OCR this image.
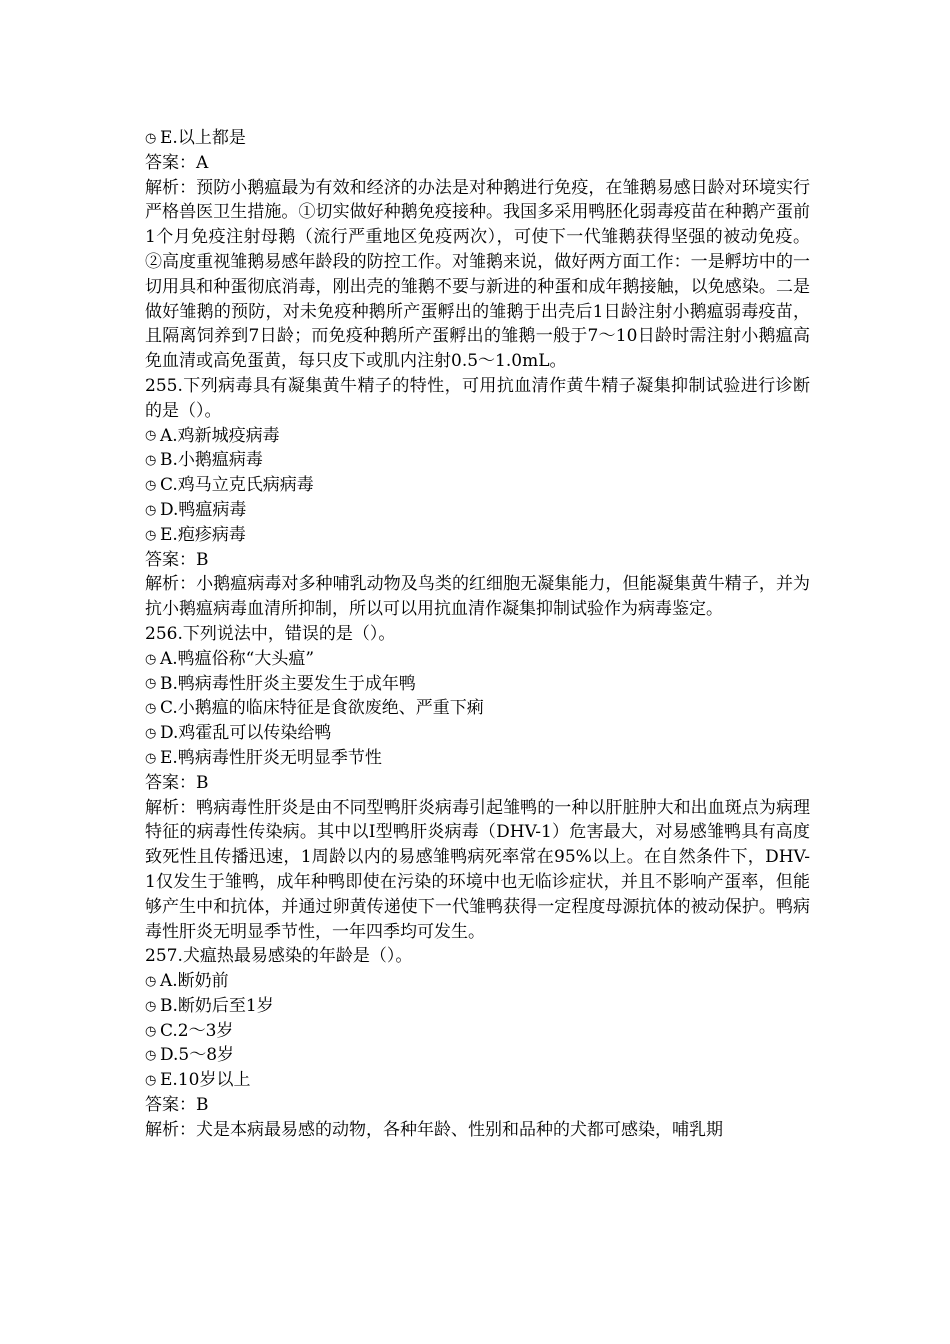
◷ E.以上都是

答案：A

解析：预防小鹅瘟最为有效和经济的办法是对种鹅进行免疫，在雏鹅易感日龄对环境实行严格兽医卫生措施。①切实做好种鹅免疫接种。我国多采用鸭胚化弱毒疫苗在种鹅产蛋前1个月免疫注射母鹅（流行严重地区免疫两次），可使下一代雏鹅获得坚强的被动免疫。②高度重视雏鹅易感年龄段的防控工作。对雏鹅来说，做好两方面工作：一是孵坊中的一切用具和种蛋彻底消毒，刚出壳的雏鹅不要与新进的种蛋和成年鹅接触，以免感染。二是做好雏鹅的预防，对未免疫种鹅所产蛋孵出的雏鹅于出壳后1日龄注射小鹅瘟弱毒疫苗，且隔离饲养到7日龄；而免疫种鹅所产蛋孵出的雏鹅一般于7～10日龄时需注射小鹅瘟高免血清或高免蛋黄，每只皮下或肌内注射0.5～1.0mL。

255.下列病毒具有凝集黄牛精子的特性，可用抗血清作黄牛精子凝集抑制试验进行诊断的是（）。

◷ A.鸡新城疫病毒
◷ B.小鹅瘟病毒
◷ C.鸡马立克氏病病毒
◷ D.鸭瘟病毒
◷ E.疱疹病毒

答案：B

解析：小鹅瘟病毒对多种哺乳动物及鸟类的红细胞无凝集能力，但能凝集黄牛精子，并为抗小鹅瘟病毒血清所抑制，所以可以用抗血清作凝集抑制试验作为病毒鉴定。

256.下列说法中，错误的是（）。

◷ A.鸭瘟俗称“大头瘟”
◷ B.鸭病毒性肝炎主要发生于成年鸭
◷ C.小鹅瘟的临床特征是食欲废绝、严重下痢
◷ D.鸡霍乱可以传染给鸭
◷ E.鸭病毒性肝炎无明显季节性

答案：B

解析：鸭病毒性肝炎是由不同型鸭肝炎病毒引起雏鸭的一种以肝脏肿大和出血斑点为病理特征的病毒性传染病。其中以Ⅰ型鸭肝炎病毒（DHV-1）危害最大，对易感雏鸭具有高度致死性且传播迅速，1周龄以内的易感雏鸭病死率常在95%以上。在自然条件下，DHV-1仅发生于雏鸭，成年种鸭即使在污染的环境中也无临诊症状，并且不影响产蛋率，但能够产生中和抗体，并通过卵黄传递使下一代雏鸭获得一定程度母源抗体的被动保护。鸭病毒性肝炎无明显季节性，一年四季均可发生。

257.犬瘟热最易感染的年龄是（）。

◷ A.断奶前
◷ B.断奶后至1岁
◷ C.2～3岁
◷ D.5～8岁
◷ E.10岁以上

答案：B

解析：犬是本病最易感的动物，各种年龄、性别和品种的犬都可感染，哺乳期
